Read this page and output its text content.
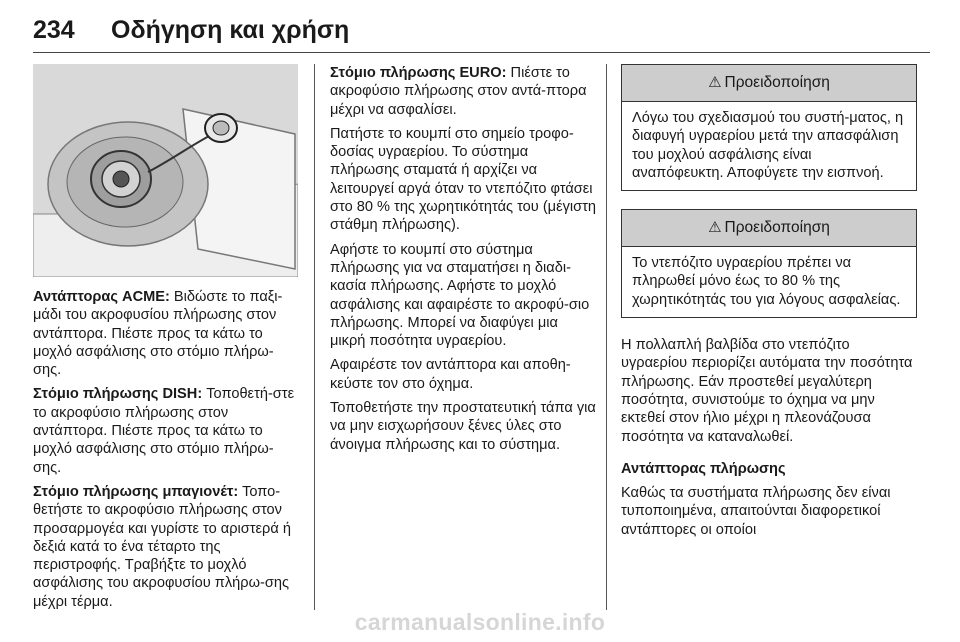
234 Οδήγηση και χρήση

Αντάπτορας ACME: Βιδώστε το παξι-μάδι του ακροφυσίου πλήρωσης στον αντάπτορα. Πιέστε προς τα κάτω το μοχλό ασφάλισης στο στόμιο πλήρω-σης.

Στόμιο πλήρωσης DISH: Τοποθετή-στε το ακροφύσιο πλήρωσης στον αντάπτορα. Πιέστε προς τα κάτω το μοχλό ασφάλισης στο στόμιο πλήρω-σης.

Στόμιο πλήρωσης μπαγιονέτ: Τοπο-θετήστε το ακροφύσιο πλήρωσης στον προσαρμογέα και γυρίστε το αριστερά ή δεξιά κατά το ένα τέταρτο της περιστροφής. Τραβήξτε το μοχλό ασφάλισης του ακροφυσίου πλήρω-σης μέχρι τέρμα.

Στόμιο πλήρωσης EURO: Πιέστε το ακροφύσιο πλήρωσης στον αντά-πτορα μέχρι να ασφαλίσει.

Πατήστε το κουμπί στο σημείο τροφο-δοσίας υγραερίου. Το σύστημα πλήρωσης σταματά ή αρχίζει να λειτουργεί αργά όταν το ντεπόζιτο φτάσει στο 80 % της χωρητικότητάς του (μέγιστη στάθμη πλήρωσης).

Αφήστε το κουμπί στο σύστημα πλήρωσης για να σταματήσει η διαδι-κασία πλήρωσης. Αφήστε το μοχλό ασφάλισης και αφαιρέστε το ακροφύ-σιο πλήρωσης. Μπορεί να διαφύγει μια μικρή ποσότητα υγραερίου.

Αφαιρέστε τον αντάπτορα και αποθη-κεύστε τον στο όχημα.

Τοποθετήστε την προστατευτική τάπα για να μην εισχωρήσουν ξένες ύλες στο άνοιγμα πλήρωσης και το σύστημα.

⚠ Προειδοποίηση
Λόγω του σχεδιασμού του συστή-ματος, η διαφυγή υγραερίου μετά την απασφάλιση του μοχλού ασφάλισης είναι αναπόφευκτη. Αποφύγετε την εισπνοή.
⚠ Προειδοποίηση
Το ντεπόζιτο υγραερίου πρέπει να πληρωθεί μόνο έως το 80 % της χωρητικότητάς του για λόγους ασφαλείας.

Η πολλαπλή βαλβίδα στο ντεπόζιτο υγραερίου περιορίζει αυτόματα την ποσότητα πλήρωσης. Εάν προστεθεί μεγαλύτερη ποσότητα, συνιστούμε το όχημα να μην εκτεθεί στον ήλιο μέχρι η πλεονάζουσα ποσότητα να καταναλωθεί.

Αντάπτορας πλήρωσης

Καθώς τα συστήματα πλήρωσης δεν είναι τυποποιημένα, απαιτούνται διαφορετικοί αντάπτορες οι οποίοι

carmanualsonline.info
